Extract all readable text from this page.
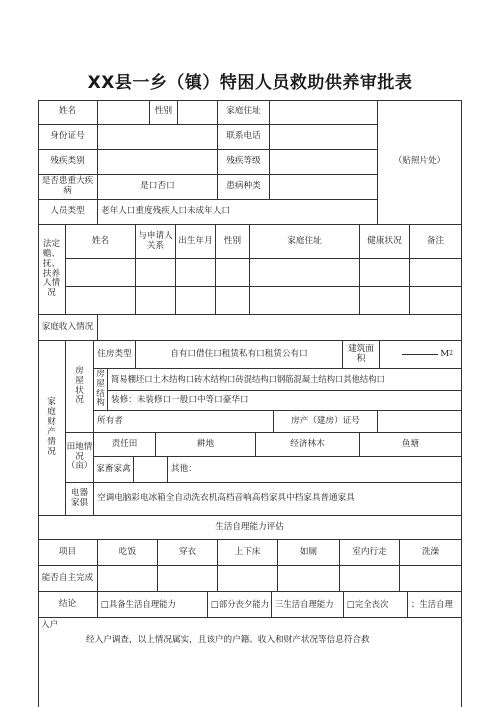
XX县一乡（镇）特困人员救助供养审批表
姓名	性别	家庭住址
（贴照片处）
身份证号	联系电话
残疾类别	残疾等级
是否患重大疾病	是口否口	患病种类
人员类型	老年人口重度残疾人口未成年人口
法定赡、抚、扶养人情况
姓名	与申请人关系	出生年月	性别	家庭住址	健康状况	备注
家庭收入情况
家庭财产情况
房屋状况
住房类型	自有口借住口租赁私有口租赁公有口	建筑面积	M 2
房屋结构
简易棚坯口土木结构口砖木结构口砖混结构口钢筋混凝土结构口其他结构口
装修：未装修口一般口中等口豪华口
所有者	房产（建房）证号
田地情况（亩）
责任田	耕地	经济林木	鱼塘
家畜家禽	其他：
电器家俱	空调电脑彩电冰箱全自动洗衣机高档音响高档家具中档家具普通家具
生活自理能力评估
项目	吃饭	穿衣	上下床	如厕	室内行走	洗澡
能否自主完成
结论	□具备生活自理能力	□部分丧夕能力 三生活自理能力	□完全丧次	；生活自理
入户
经入户调查，以上情况属实，且该户的户籍、收入和财产状况等信息符合救
